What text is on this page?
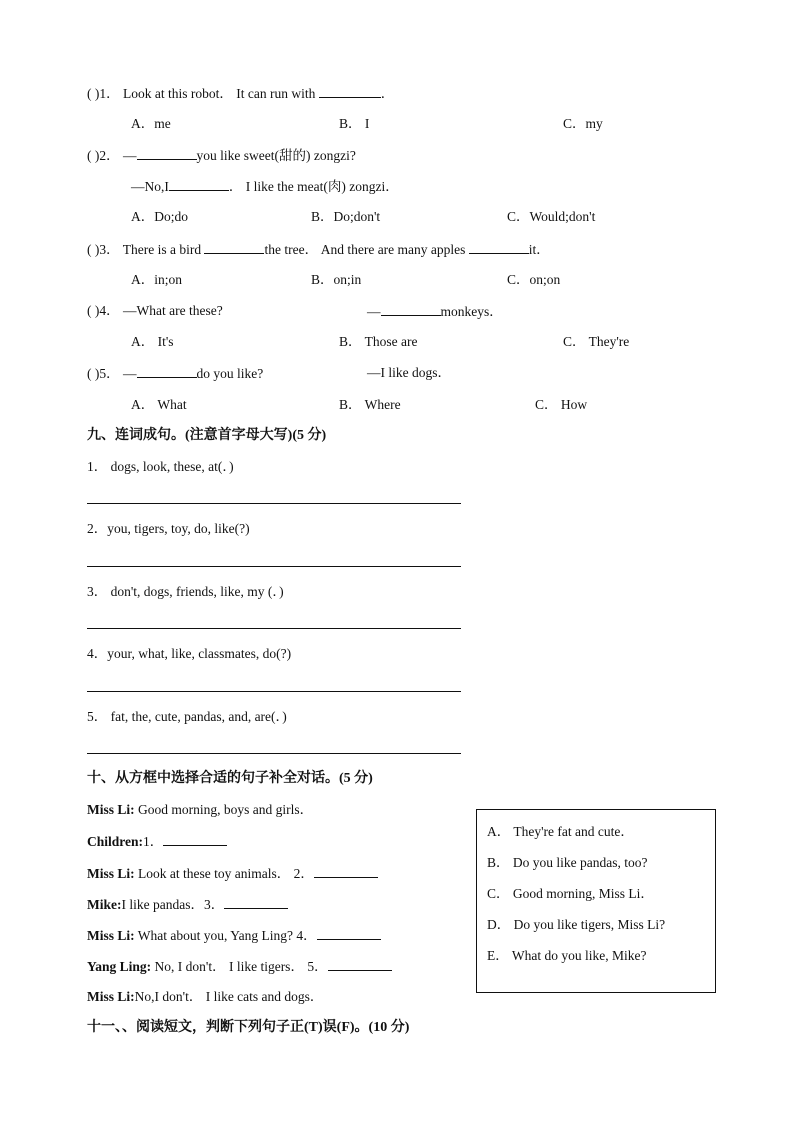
( )1． Look at this robot． It can run with	．
A．me	B． I	C．my
( )2． —	you like sweet(甜的) zongzi?
—No,I	． I like the meat(肉) zongzi．
A．Do;do	B．Do;don't	C．Would;don't
( )3． There is a bird	the tree． And there are many apples	it．
A．in;on	B．on;in	C．on;on
( )4． —What are these?	—	monkeys．
A． It's	B． Those are	C． They're
( )5． —	do you like?	—I like dogs．
A． What	B． Where	C． How
九、连词成句。(注意首字母大写)(5 分)
1． dogs, look, these, at(．)
2．you, tigers, toy, do, like(?)
3． don't, dogs, friends, like, my (．)
4．your, what, like, classmates, do(?)
5． fat, the, cute, pandas, and, are(．)
十、从方框中选择合适的句子补全对话。(5 分)
Miss Li: Good morning, boys and girls．
Children:1．
Miss Li: Look at these toy animals． 2．
Mike:I like pandas．3．
Miss Li: What about you, Yang Ling? 4．
Yang Ling: No, I don't． I like tigers． 5．
Miss Li:No,I don't． I like cats and dogs．
A． They're fat and cute．
B． Do you like pandas, too?
C． Good morning, Miss Li．
D． Do you like tigers, Miss Li?
E． What do you like, Mike?
十一、、阅读短文，判断下列句子正(T)误(F)。(10 分)
